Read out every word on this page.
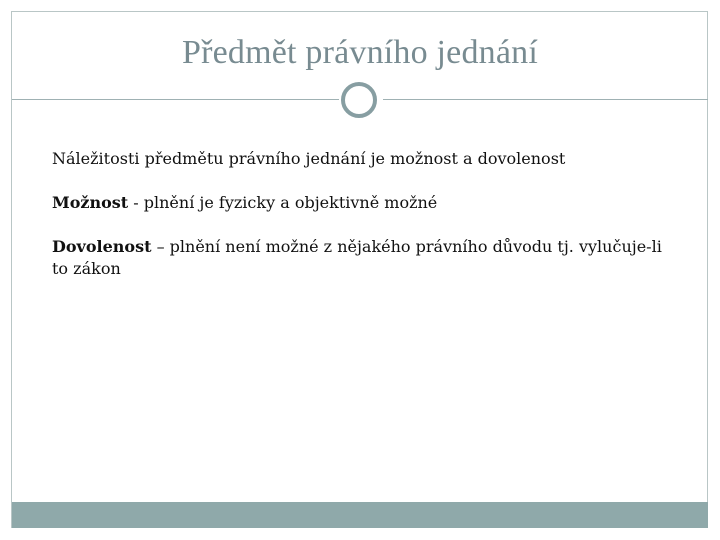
Předmět právního jednání

Náležitosti předmětu právního jednání je možnost a dovolenost

Možnost - plnění je fyzicky a objektivně možné

Dovolenost – plnění není možné z nějakého právního důvodu tj. vylučuje-li to zákon
